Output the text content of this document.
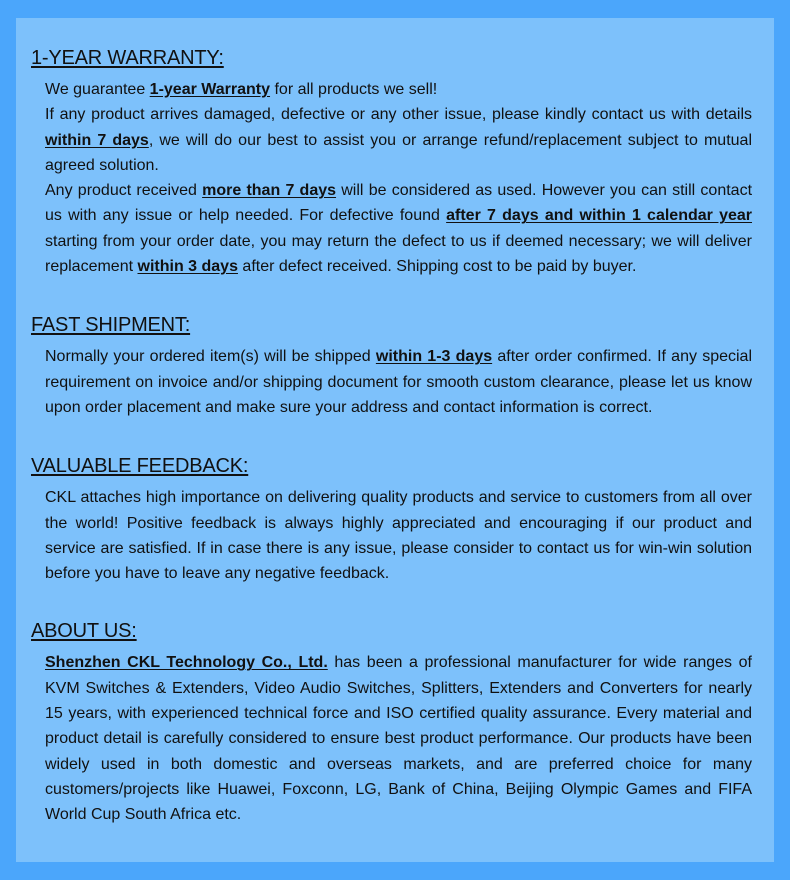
1-YEAR WARRANTY:

We guarantee 1-year Warranty for all products we sell!

If any product arrives damaged, defective or any other issue, please kindly contact us with details within 7 days, we will do our best to assist you or arrange refund/replacement subject to mutual agreed solution.

Any product received more than 7 days will be considered as used. However you can still contact us with any issue or help needed. For defective found after 7 days and within 1 calendar year starting from your order date, you may return the defect to us if deemed necessary; we will deliver replacement within 3 days after defect received. Shipping cost to be paid by buyer.

FAST SHIPMENT:

Normally your ordered item(s) will be shipped within 1-3 days after order confirmed. If any special requirement on invoice and/or shipping document for smooth custom clearance, please let us know upon order placement and make sure your address and contact information is correct.

VALUABLE FEEDBACK:

CKL attaches high importance on delivering quality products and service to customers from all over the world! Positive feedback is always highly appreciated and encouraging if our product and service are satisfied. If in case there is any issue, please consider to contact us for win-win solution before you have to leave any negative feedback.

ABOUT US:

Shenzhen CKL Technology Co., Ltd. has been a professional manufacturer for wide ranges of KVM Switches & Extenders, Video Audio Switches, Splitters, Extenders and Converters for nearly 15 years, with experienced technical force and ISO certified quality assurance. Every material and product detail is carefully considered to ensure best product performance. Our products have been widely used in both domestic and overseas markets, and are preferred choice for many customers/projects like Huawei, Foxconn, LG, Bank of China, Beijing Olympic Games and FIFA World Cup South Africa etc.
